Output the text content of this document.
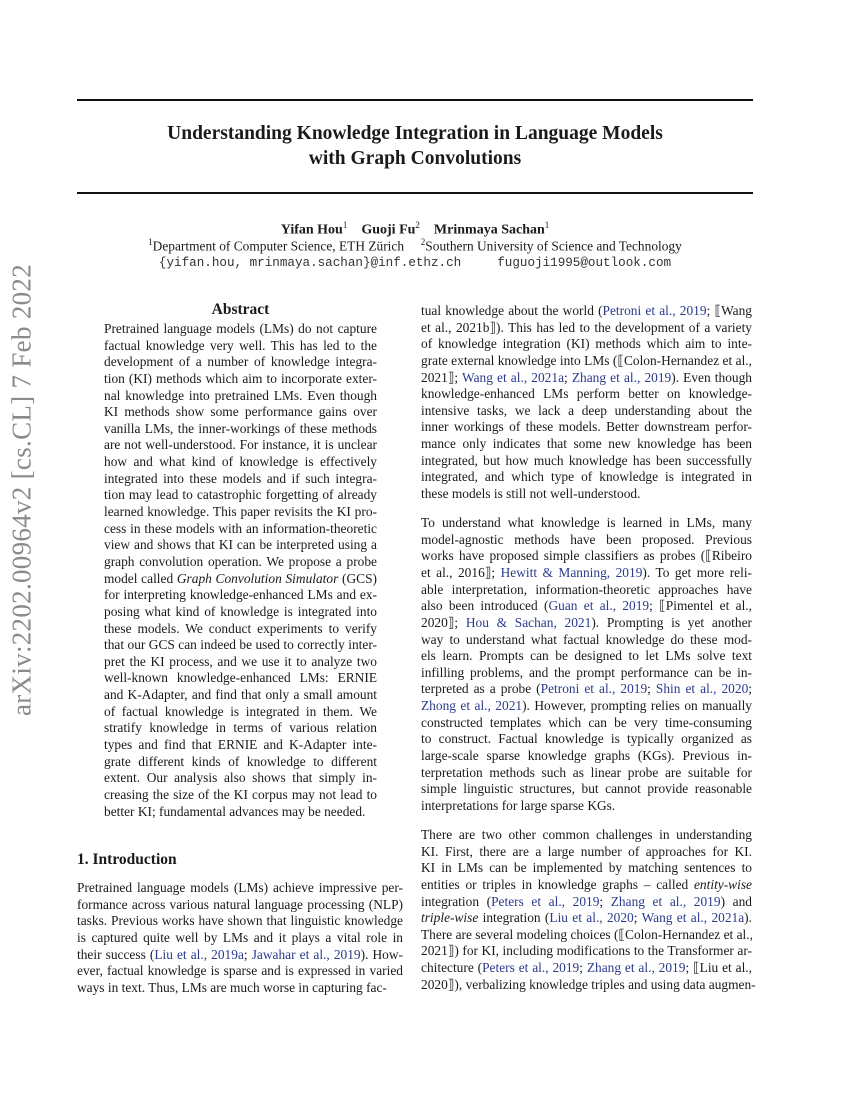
arXiv:2202.00964v2 [cs.CL] 7 Feb 2022
Understanding Knowledge Integration in Language Models
with Graph Convolutions
Yifan Hou$^1$ Guoji Fu$^2$ Mrinmaya Sachan$^1$
$^1$Department of Computer Science, ETH Zürich $^2$Southern University of Science and Technology
{yifan.hou, mrinmaya.sachan}@inf.ethz.ch	fuguoji1995@outlook.com
Abstract
Pretrained language models (LMs) do not capture
factual knowledge very well. This has led to the
development of a number of knowledge integra-
tion (KI) methods which aim to incorporate exter-
nal knowledge into pretrained LMs. Even though
KI methods show some performance gains over
vanilla LMs, the inner-workings of these methods
are not well-understood. For instance, it is unclear
how and what kind of knowledge is effectively
integrated into these models and if such integra-
tion may lead to catastrophic forgetting of already
learned knowledge. This paper revisits the KI pro-
cess in these models with an information-theoretic
view and shows that KI can be interpreted using a
graph convolution operation. We propose a probe
model called Graph Convolution Simulator (GCS)
for interpreting knowledge-enhanced LMs and ex-
posing what kind of knowledge is integrated into
these models. We conduct experiments to verify
that our GCS can indeed be used to correctly inter-
pret the KI process, and we use it to analyze two
well-known knowledge-enhanced LMs: ERNIE
and K-Adapter, and find that only a small amount
of factual knowledge is integrated in them. We
stratify knowledge in terms of various relation
types and find that ERNIE and K-Adapter inte-
grate different kinds of knowledge to different
extent. Our analysis also shows that simply in-
creasing the size of the KI corpus may not lead to
better KI; fundamental advances may be needed.
1. Introduction
Pretrained language models (LMs) achieve impressive per-
formance across various natural language processing (NLP)
tasks. Previous works have shown that linguistic knowledge
is captured quite well by LMs and it plays a vital role in
their success (Liu et al., 2019a; Jawahar et al., 2019). How-
ever, factual knowledge is sparse and is expressed in varied
ways in text. Thus, LMs are much worse in capturing fac-
tual knowledge about the world (Petroni et al., 2019; ⟦Wang
et al., 2021b⟧). This has led to the development of a variety
of knowledge integration (KI) methods which aim to inte-
grate external knowledge into LMs (⟦Colon-Hernandez et al.,
2021⟧; Wang et al., 2021a; Zhang et al., 2019). Even though
knowledge-enhanced LMs perform better on knowledge-
intensive tasks, we lack a deep understanding about the
inner workings of these models. Better downstream perfor-
mance only indicates that some new knowledge has been
integrated, but how much knowledge has been successfully
integrated, and which type of knowledge is integrated in
these models is still not well-understood.
To understand what knowledge is learned in LMs, many
model-agnostic methods have been proposed. Previous
works have proposed simple classifiers as probes (⟦Ribeiro
et al., 2016⟧; Hewitt & Manning, 2019). To get more reli-
able interpretation, information-theoretic approaches have
also been introduced (Guan et al., 2019; ⟦Pimentel et al.,
2020⟧; Hou & Sachan, 2021). Prompting is yet another
way to understand what factual knowledge do these mod-
els learn. Prompts can be designed to let LMs solve text
infilling problems, and the prompt performance can be in-
terpreted as a probe (Petroni et al., 2019; Shin et al., 2020;
Zhong et al., 2021). However, prompting relies on manually
constructed templates which can be very time-consuming
to construct. Factual knowledge is typically organized as
large-scale sparse knowledge graphs (KGs). Previous in-
terpretation methods such as linear probe are suitable for
simple linguistic structures, but cannot provide reasonable
interpretations for large sparse KGs.
There are two other common challenges in understanding
KI. First, there are a large number of approaches for KI.
KI in LMs can be implemented by matching sentences to
entities or triples in knowledge graphs – called entity-wise
integration (Peters et al., 2019; Zhang et al., 2019) and
triple-wise integration (Liu et al., 2020; Wang et al., 2021a).
There are several modeling choices (⟦Colon-Hernandez et al.,
2021⟧) for KI, including modifications to the Transformer ar-
chitecture (Peters et al., 2019; Zhang et al., 2019; ⟦Liu et al.,
2020⟧), verbalizing knowledge triples and using data augmen-
